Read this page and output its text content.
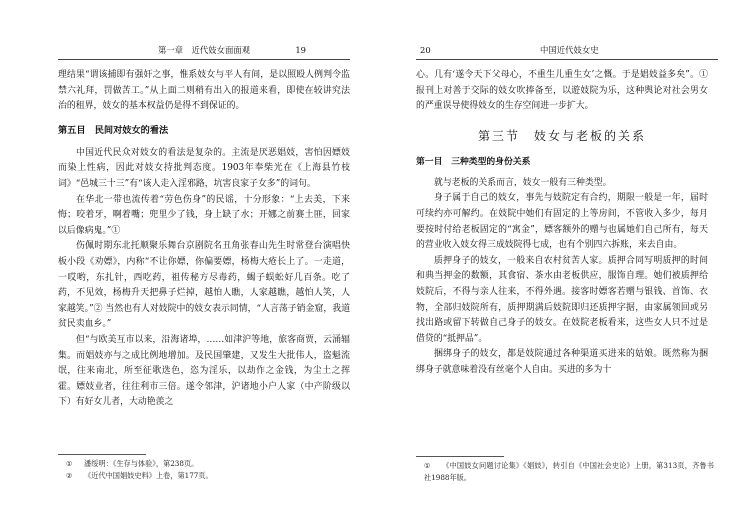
第一章　近代妓女面面观	19

理结果“谓该捕即有强奸之事，惟系妓女与平人有间，是以照殴人例判令监禁六礼拜，罚做苦工。”从上面二则稍有出入的报道来看，即使在较讲究法治的租界，妓女的基本权益仍是得不到保证的。

第五目　民间对妓女的看法

中国近代民众对妓女的看法是复杂的。主流是厌恶娼妓，害怕因嫖妓而染上性病，因此对妓女持批判态度。1903年奉柴光在《上海县竹枝词》“邑城三十三”有“该人走入淫邪路，坑害良家子女多”的词句。

在华北一带也流传着“劳色伤身”的民谣，十分形象：“上去美，下来悔；咬着牙，啊着嘴；兜里少了钱，身上缺了水；开娜之前赛土匪，回家以后像病鬼。”①

伤佩时期东北托顺聚乐舞台京剧院名丑角张春山先生时常登台演唱快板小段《劝嫖》，内称“不让你嫖，你偏要嫖，杨梅大疮长上了。一走道，一哎哟，东扎针，西吃药，祖传秘方尽毒药，蝎子蜈蚣好几百条。吃了药，不见效，杨梅升天把鼻子烂掉，越怕人瞧，人家越瞧，越怕人笑，人家越笑。”② 当然也有人对妓院中的妓女表示同情，“人言荡子销金窟，我道贫民卖血乡。”

但“与欧美互市以来，沿海诸埠，……如津沪等地，旅客商贾，云涌辐集。而娼妓亦与之成比例地增加。及民国肇建，又发生大批伟人，盗魁流氓，往来南北，所至征歌选色，恣为淫乐，以劫作之金钱，为尘土之挥霍。嫖妓业者，往往利市三倍。遂令邻津，沪诸地小户人家（中产阶级以下）有好女儿者，大动艳羡之

① 潘绥明：《生存与体验》，第238页。

② 《近代中国娼妓史料》上卷，第177页。

20	中国近代妓女史

心。几有‘遂令天下父母心，不重生儿重生女’之慨。于是娼妓益多矣”。① 报刊上对善于交际的妓女吹捧备至，以遊妓院为乐，这种舆论对社会男女的严重误导使得妓女的生存空间进一步扩大。

第三节　妓女与老板的关系
第一目　三种类型的身份关系

就与老板的关系而言，妓女一般有三种类型。

身子属于自己的妓女，事先与妓院定有合约，期限一般是一年，届时可续约亦可解约。在妓院中她们有固定的上等房间，不管收入多少，每月要按时付给老板固定的“寓金”，嫖客额外的赠与也属她们自己所有，每天的营业收入妓女得三成妓院得七成，也有个别四六拆账，来去自由。

质押身子的妓女，一般来自农村贫苦人家。质押合同写明质押的时间和典当押金的数额，其食宿、茶水由老板供应，服饰自理。她们被质押给妓院后，不得与亲人往来，不得外遇。接客时嫖客若赠与银钱、首饰、衣物，全部归妓院所有，质押期满后妓院即归还质押字据，由家属领回或另找出路或留下转做自己身子的妓女。在妓院老板看来，这些女人只不过是借贷的“抵押品”。

捆绑身子的妓女，都是妓院通过各种渠道买进来的姑娘。既然称为捆绑身子就意味着没有丝毫个人自由。买进的多为十

① 《中国妓女问题讨论集》《娼妓》，转引自《中国社会史论》上册，第313页，齐鲁书社1988年版。
